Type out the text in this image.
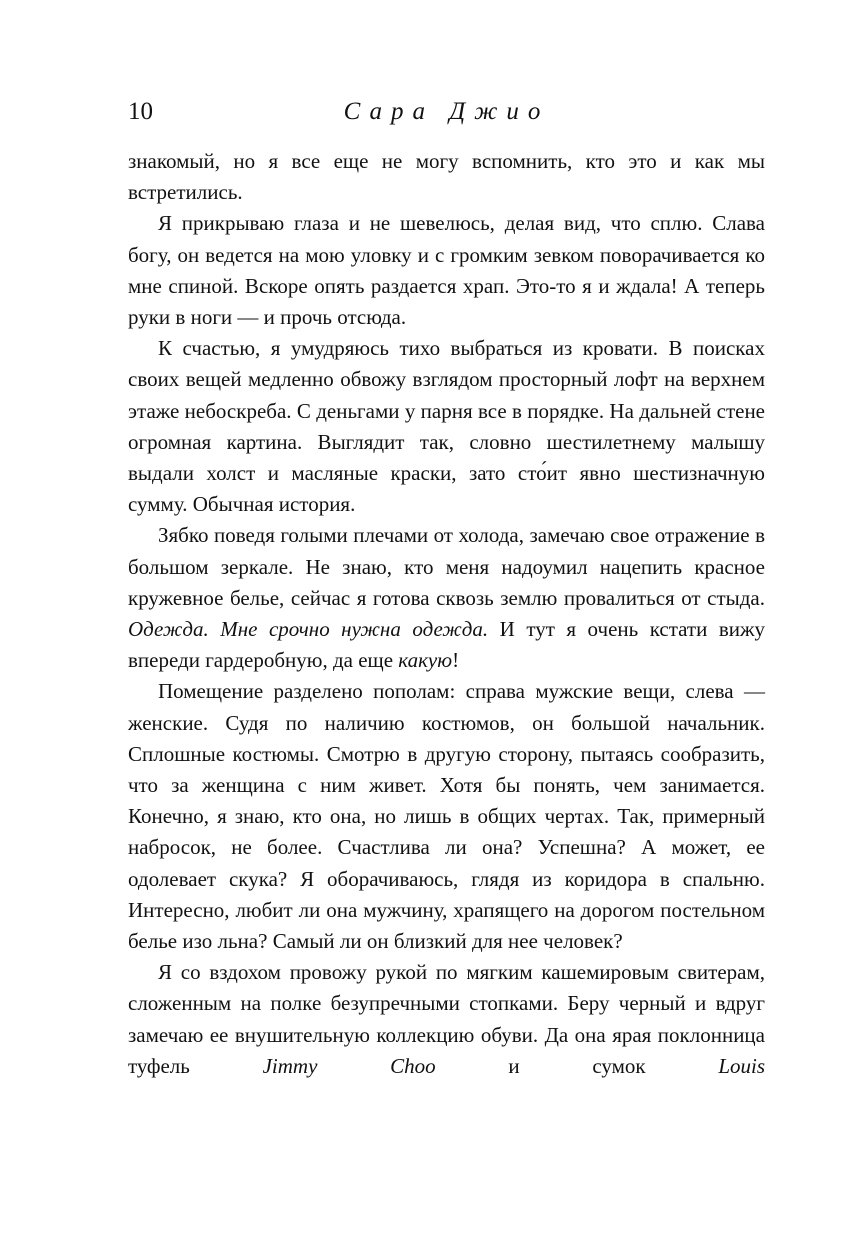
10	Сара Джио

знакомый, но я все еще не могу вспомнить, кто это и как мы встретились.

Я прикрываю глаза и не шевелюсь, делая вид, что сплю. Слава богу, он ведется на мою уловку и с громким зевком поворачивается ко мне спиной. Вскоре опять раздается храп. Это-то я и ждала! А теперь руки в ноги — и прочь отсюда.

К счастью, я умудряюсь тихо выбраться из кровати. В поисках своих вещей медленно обвожу взглядом просторный лофт на верхнем этаже небоскреба. С деньгами у парня все в порядке. На дальней стене огромная картина. Выглядит так, словно шестилетнему малышу выдали холст и масляные краски, зато сто́ит явно шестизначную сумму. Обычная история.

Зябко поведя голыми плечами от холода, замечаю свое отражение в большом зеркале. Не знаю, кто меня надоумил нацепить красное кружевное белье, сейчас я готова сквозь землю провалиться от стыда. Одежда. Мне срочно нужна одежда. И тут я очень кстати вижу впереди гардеробную, да еще какую!

Помещение разделено пополам: справа мужские вещи, слева — женские. Судя по наличию костюмов, он большой начальник. Сплошные костюмы. Смотрю в другую сторону, пытаясь сообразить, что за женщина с ним живет. Хотя бы понять, чем занимается. Конечно, я знаю, кто она, но лишь в общих чертах. Так, примерный набросок, не более. Счастлива ли она? Успешна? А может, ее одолевает скука? Я оборачиваюсь, глядя из коридора в спальню. Интересно, любит ли она мужчину, храпящего на дорогом постельном белье изо льна? Самый ли он близкий для нее человек?

Я со вздохом провожу рукой по мягким кашемировым свитерам, сложенным на полке безупречными стопками. Беру черный и вдруг замечаю ее внушительную коллекцию обуви. Да она ярая поклонница туфель Jimmy Choo и сумок Louis
